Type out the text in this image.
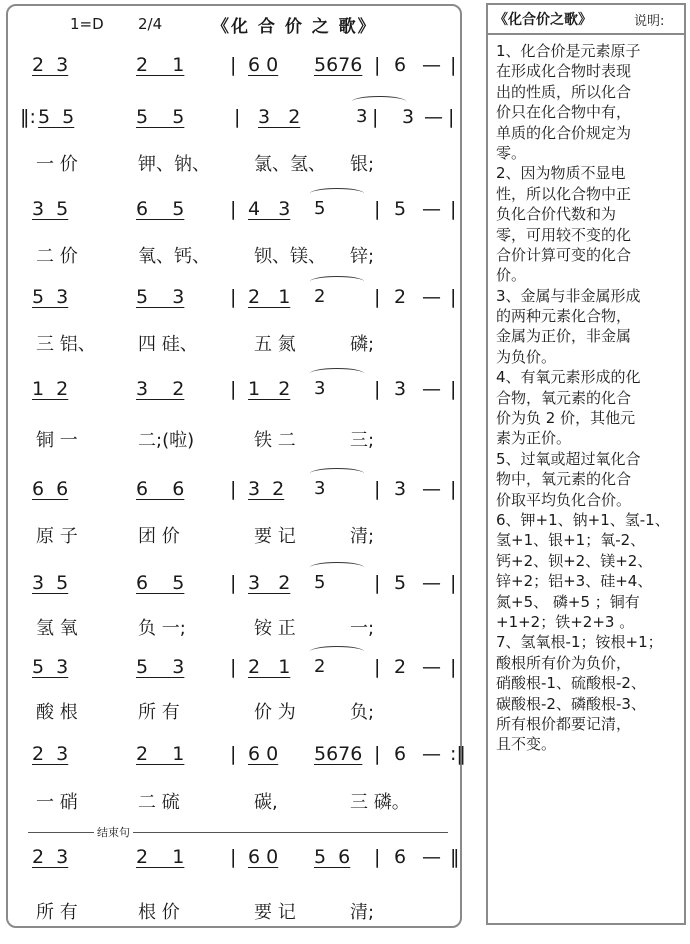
1=D 2/4	《化 合 价 之 歌》
2  3	2    1 | 6 0 5676 | 6 — |
‖: 5  5	5    5	| 3   2	3 | 3 — |
一 价	钾、钠、 氯、氢、 银;
3  5	6    5 | 4   3 5	| 5 — |
二 价	氧、钙、 钡、镁、 锌;
5  3	5    3 | 2   1 2	| 2 — |
三 铝、 四 硅、	五 氮	磷;
1  2	3    2 | 1   2 3	| 3 — |
铜 一	二;(啦)	铁 二	三;
6  6	6    6 | 3  2 3	| 3 — |
原 子	团 价	要 记	清;
3  5	6    5 | 3   2 5	| 5 — |
氢 氧	负 一;	铵 正	一;
5  3	5    3 | 2   1 2	| 2 — |
酸 根	所 有	价 为	负;
2  3	2    1 | 6 0 5676 | 6 — :‖
一 硝	二 硫	碳,	三 磷。
2  3	2    1 | 6 0 5  6 | 6 — ‖
所 有	根 价	要 记	清;
结束句
《化合价之歌》	说明:
1、化合价是元素原子
在形成化合物时表现
出的性质，所以化合
价只在化合物中有，
单质的化合价规定为
零。
2、因为物质不显电
性，所以化合物中正
负化合价代数和为
零，可用较不变的化
合价计算可变的化合
价。
3、金属与非金属形成
的两种元素化合物，
金属为正价，非金属
为负价。
4、有氧元素形成的化
合物，氧元素的化合
价为负 2 价，其他元
素为正价。
5、过氧或超过氧化合
物中，氧元素的化合
价取平均负化合价。
6、钾+1、钠+1、氢-1、
氢+1、银+1；氧-2、
钙+2、钡+2、镁+2、
锌+2；铝+3、硅+4、
氮+5、 磷+5 ；铜有
+1+2；铁+2+3 。
7、氢氧根-1；铵根+1；
酸根所有价为负价，
硝酸根-1、硫酸根-2、
碳酸根-2、磷酸根-3、
所有根价都要记清，
且不变。
